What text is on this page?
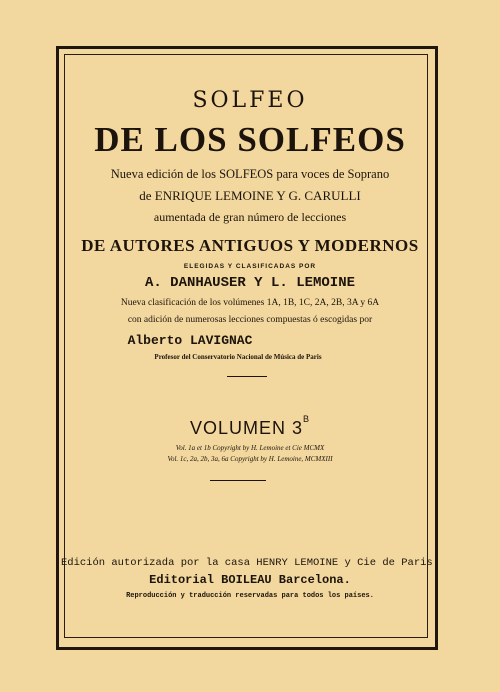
SOLFEO
DE LOS SOLFEOS
Nueva edición de los SOLFEOS para voces de Soprano
de ENRIQUE LEMOINE Y G. CARULLI
aumentada de gran número de lecciones
DE AUTORES ANTIGUOS Y MODERNOS
ELEGIDAS Y CLASIFICADAS POR
A. DANHAUSER Y L. LEMOINE
Nueva clasificación de los volúmenes 1A, 1B, 1C, 2A, 2B, 3A y 6A
con adición de numerosas lecciones compuestas ó escogidas por
Alberto LAVIGNAC
Profesor del Conservatorio Nacional de Música de Paris
VOLUMEN $3^B$
Vol. 1a et 1b Copyright by H. Lemoine et Cie MCMX
Vol. 1c, 2a, 2b, 3a, 6a Copyright by H. Lemoine, MCMXIII
Edición autorizada por la casa HENRY LEMOINE y Cie de Paris.
Editorial BOILEAU Barcelona.
Reproducción y traducción reservadas para todos los países.
